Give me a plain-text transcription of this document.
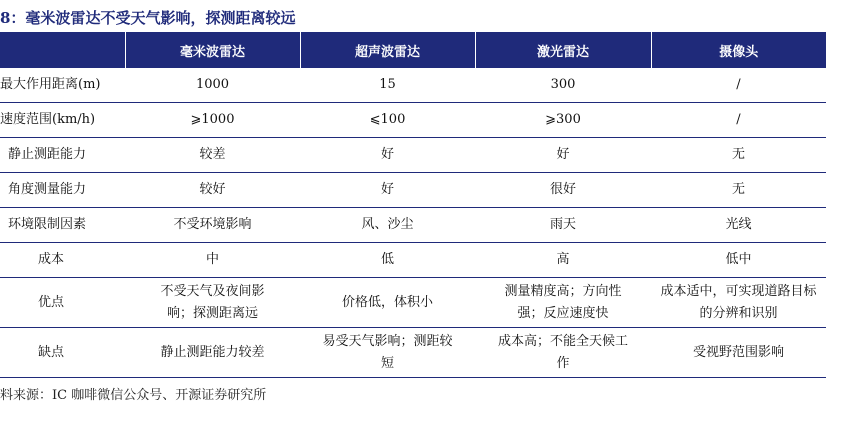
8：毫米波雷达不受天气影响，探测距离较远
	毫米波雷达	超声波雷达	激光雷达	摄像头
最大作用距离(m)	1000	15	300	/
速度范围(km/h)	⩾1000	⩽100	⩾300	/
静止测距能力	较差	好	好	无
角度测量能力	较好	好	很好	无
环境限制因素	不受环境影响	风、沙尘	雨天	光线
成本	中	低	高	低中
优点	不受天气及夜间影响；探测距离远	价格低，体积小	测量精度高；方向性强；反应速度快	成本适中，可实现道路目标的分辨和识别
缺点	静止测距能力较差	易受天气影响；测距较短	成本高；不能全天候工作	受视野范围影响
料来源：IC 咖啡微信公众号、开源证券研究所
